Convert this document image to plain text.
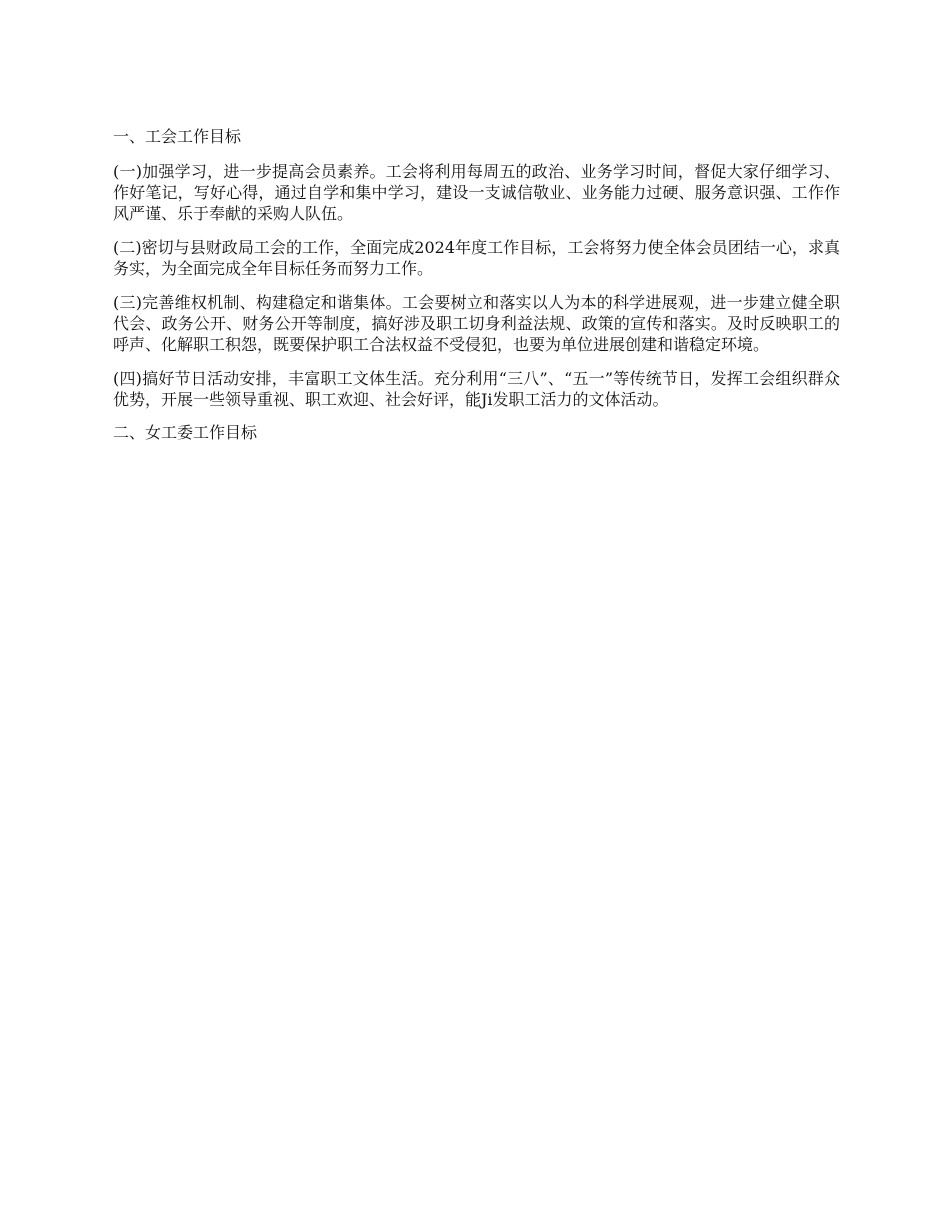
一、工会工作目标

(一)加强学习，进一步提高会员素养。工会将利用每周五的政治、业务学习时间，督促大家仔细学习、作好笔记，写好心得，通过自学和集中学习，建设一支诚信敬业、业务能力过硬、服务意识强、工作作风严谨、乐于奉献的采购人队伍。

(二)密切与县财政局工会的工作，全面完成2024年度工作目标，工会将努力使全体会员团结一心，求真务实，为全面完成全年目标任务而努力工作。

(三)完善维权机制、构建稳定和谐集体。工会要树立和落实以人为本的科学进展观，进一步建立健全职代会、政务公开、财务公开等制度，搞好涉及职工切身利益法规、政策的宣传和落实。及时反映职工的呼声、化解职工积怨，既要保护职工合法权益不受侵犯，也要为单位进展创建和谐稳定环境。

(四)搞好节日活动安排，丰富职工文体生活。充分利用“三八”、“五一”等传统节日，发挥工会组织群众优势，开展一些领导重视、职工欢迎、社会好评，能Ji发职工活力的文体活动。

二、女工委工作目标
